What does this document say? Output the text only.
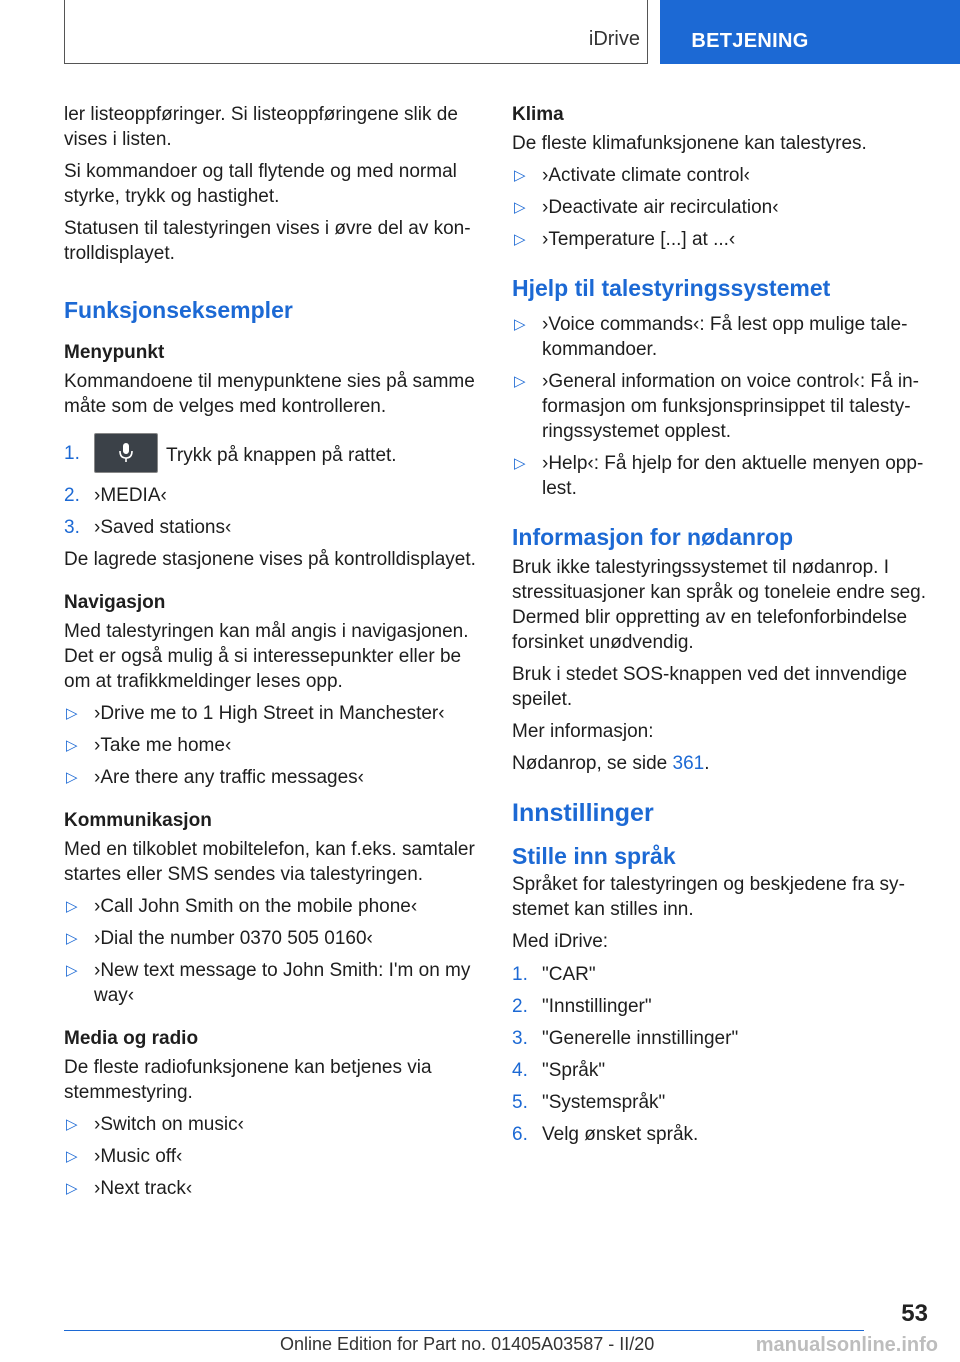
iDrive	BETJENING

ler listeoppføringer. Si listeoppføringene slik de vises i listen.

Si kommandoer og tall flytende og med normal styrke, trykk og hastighet.

Statusen til talestyringen vises i øvre del av kontrolldisplayet.

Funksjonseksempler
Menypunkt

Kommandoene til menypunktene sies på samme måte som de velges med kontrolleren.

1.	Trykk på knappen på rattet.
2. ›MEDIA‹
3. ›Saved stations‹

De lagrede stasjonene vises på kontrolldisplayet.

Navigasjon

Med talestyringen kan mål angis i navigasjonen. Det er også mulig å si interessepunkter eller be om at trafikkmeldinger leses opp.

▷ ›Drive me to 1 High Street in Manchester‹
▷ ›Take me home‹
▷ ›Are there any traffic messages‹
Kommunikasjon

Med en tilkoblet mobiltelefon, kan f.eks. samtaler startes eller SMS sendes via talestyringen.

▷ ›Call John Smith on the mobile phone‹
▷ ›Dial the number 0370 505 0160‹
▷ ›New text message to John Smith: I'm on my way‹
Media og radio

De fleste radiofunksjonene kan betjenes via stemmestyring.

▷ ›Switch on music‹
▷ ›Music off‹
▷ ›Next track‹
Klima

De fleste klimafunksjonene kan talestyres.

▷ ›Activate climate control‹
▷ ›Deactivate air recirculation‹
▷ ›Temperature [...] at ...‹
Hjelp til talestyringssystemet
▷ ›Voice commands‹: Få lest opp mulige talekommandoer.
▷ ›General information on voice control‹: Få informasjon om funksjonsprinsippet til talestyringssystemet opplest.
▷ ›Help‹: Få hjelp for den aktuelle menyen opplest.
Informasjon for nødanrop

Bruk ikke talestyringssystemet til nødanrop. I stressituasjoner kan språk og toneleie endre seg. Dermed blir oppretting av en telefonforbindelse forsinket unødvendig.

Bruk i stedet SOS-knappen ved det innvendige speilet.

Mer informasjon:

Nødanrop, se side 361.

Innstillinger
Stille inn språk

Språket for talestyringen og beskjedene fra systemet kan stilles inn.

Med iDrive:

1. "CAR"
2. "Innstillinger"
3. "Generelle innstillinger"
4. "Språk"
5. "Systemspråk"
6. Velg ønsket språk.
53
Online Edition for Part no. 01405A03587 - II/20	manualsonline.info
